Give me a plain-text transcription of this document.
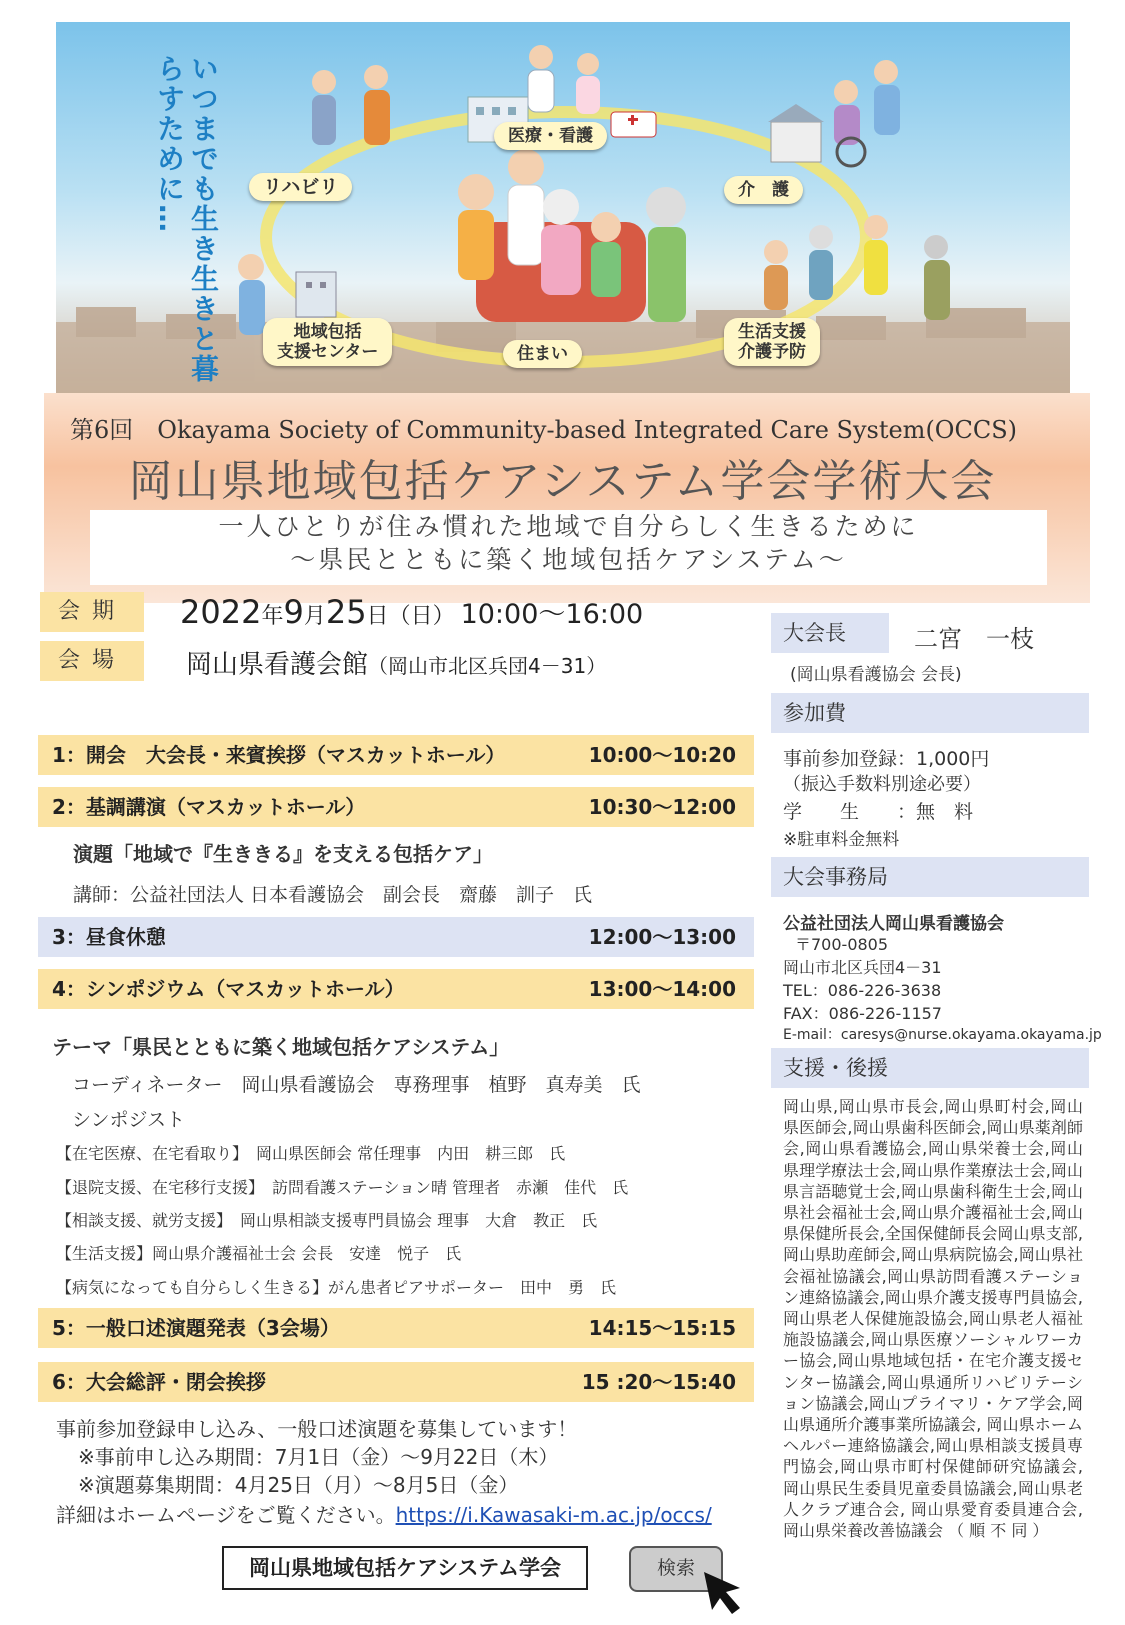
いつまでも生き生きと暮らすために…	医療・看護
リハビリ	介　護
地域包括
支援センター	住まい
生活支援
介護予防
第6回　Okayama Society of Community-based Integrated Care System(OCCS)
岡山県地域包括ケアシステム学会学術大会
一人ひとりが住み慣れた地域で自分らしく生きるために
～県民とともに築く地域包括ケアシステム～
会期	2022年9月25日（日） 10:00～16:00
会場	岡山県看護会館（岡山市北区兵団4－31）
1：開会　大会長・来賓挨拶（マスカットホール）	10:00～10:20
2：基調講演（マスカットホール）	10:30～12:00
演題「地域で『生ききる』を支える包括ケア」
講師：公益社団法人 日本看護協会　副会長　齋藤　訓子　氏
3：昼食休憩	12:00～13:00
4：シンポジウム（マスカットホール）	13:00～14:00
テーマ「県民とともに築く地域包括ケアシステム」
コーディネーター　岡山県看護協会　専務理事　植野　真寿美　氏
シンポジスト
【在宅医療、在宅看取り】　岡山県医師会 常任理事　内田　耕三郎　氏
【退院支援、在宅移行支援】　訪問看護ステーション晴 管理者　赤瀬　佳代　氏
【相談支援、就労支援】　岡山県相談支援専門員協会 理事　大倉　教正　氏
【生活支援】岡山県介護福祉士会 会長　安達　悦子　氏
【病気になっても自分らしく生きる】がん患者ピアサポーター　田中　勇　氏
5：一般口述演題発表（3会場）	14:15～15:15
6：大会総評・閉会挨拶	15 :20～15:40
事前参加登録申し込み、一般口述演題を募集しています！
※事前申し込み期間：7月1日（金）～9月22日（木）
※演題募集期間：4月25日（月）～8月5日（金）
詳細はホームページをご覧ください。https://i.Kawasaki-m.ac.jp/occs/
岡山県地域包括ケアシステム学会	検索
大会長	二宮　一枝
(岡山県看護協会 会長)
参加費
事前参加登録：1,000円
（振込手数料別途必要）
学　　生　　：無　料
※駐車料金無料
大会事務局
公益社団法人岡山県看護協会
〒700-0805
岡山市北区兵団4－31
TEL：086-226-3638
FAX：086-226-1157
E-mail：caresys@nurse.okayama.okayama.jp
支援・後援
岡山県,岡山県市長会,岡山県町村会,岡山県医師会,岡山県歯科医師会,岡山県薬剤師会,岡山県看護協会,岡山県栄養士会,岡山県理学療法士会,岡山県作業療法士会,岡山県言語聴覚士会,岡山県歯科衛生士会,岡山県社会福祉士会,岡山県介護福祉士会,岡山県保健所長会,全国保健師長会岡山県支部,岡山県助産師会,岡山県病院協会,岡山県社会福祉協議会,岡山県訪問看護ステーション連絡協議会,岡山県介護支援専門員協会,岡山県老人保健施設協会,岡山県老人福祉施設協議会,岡山県医療ソーシャルワーカー協会,岡山県地域包括・在宅介護支援センター協議会,岡山県通所リハビリテーション協議会,岡山プライマリ・ケア学会,岡山県通所介護事業所協議会, 岡山県ホームヘルパー連絡協議会,岡山県相談支援員専門協会,岡山県市町村保健師研究協議会, 岡山県民生委員児童委員協議会,岡山県老人クラブ連合会, 岡山県愛育委員連合会, 岡山県栄養改善協議会 （ 順 不 同 ）
